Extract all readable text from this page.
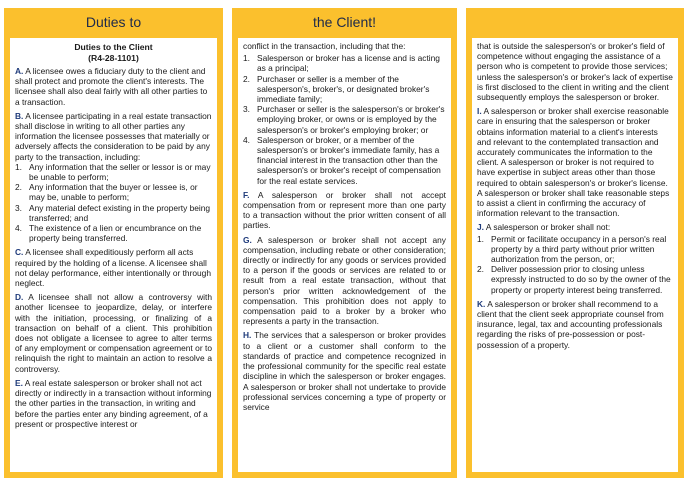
Duties to
Duties to the Client
(R4-28-1101)

A. A licensee owes a fiduciary duty to the client and shall protect and promote the client's interests. The licensee shall also deal fairly with all other parties to a transaction.

B. A licensee participating in a real estate transaction shall disclose in writing to all other parties any information the licensee possesses that materially or adversely affects the consideration to be paid by any party to the transaction, including:

1. Any information that the seller or lessor is or may be unable to perform;
2. Any information that the buyer or lessee is, or may be, unable to perform;
3. Any material defect existing in the property being transferred; and
4. The existence of a lien or encumbrance on the property being transferred.

C. A licensee shall expeditiously perform all acts required by the holding of a license. A licensee shall not delay performance, either intentionally or through neglect.

D. A licensee shall not allow a controversy with another licensee to jeopardize, delay, or interfere with the initiation, processing, or finalizing of a transaction on behalf of a client. This prohibition does not obligate a licensee to agree to alter terms of any employment or compensation agreement or to relinquish the right to maintain an action to resolve a controversy.

E. A real estate salesperson or broker shall not act directly or indirectly in a transaction without informing the other parties in the transaction, in writing and before the parties enter any binding agreement, of a present or prospective interest or

the Client!

conflict in the transaction, including that the:

1. Salesperson or broker has a license and is acting as a principal;
2. Purchaser or seller is a member of the salesperson's, broker's, or designated broker's immediate family;
3. Purchaser or seller is the salesperson's or broker's employing broker, or owns or is employed by the salesperson's or broker's employing broker; or
4. Salesperson or broker, or a member of the salesperson's or broker's immediate family, has a financial interest in the transaction other than the salesperson's or broker's receipt of compensation for the real estate services.

F. A salesperson or broker shall not accept compensation from or represent more than one party to a transaction without the prior written consent of all parties.

G. A salesperson or broker shall not accept any compensation, including rebate or other consideration; directly or indirectly for any goods or services provided to a person if the goods or services are related to or result from a real estate transaction, without that person's prior written acknowledgement of the compensation. This prohibition does not apply to compensation paid to a broker by a broker who represents a party in the transaction.

H. The services that a salesperson or broker provides to a client or a customer shall conform to the standards of practice and competence recognized in the professional community for the specific real estate discipline in which the salesperson or broker engages. A salesperson or broker shall not undertake to provide professional services concerning a type of property or service

that is outside the salesperson's or broker's field of competence without engaging the assistance of a person who is competent to provide those services; unless the salesperson's or broker's lack of expertise is first disclosed to the client in writing and the client subsequently employs the salesperson or broker.

I. A salesperson or broker shall exercise reasonable care in ensuring that the salesperson or broker obtains information material to a client's interests and relevant to the contemplated transaction and accurately communicates the information to the client. A salesperson or broker is not required to have expertise in subject areas other than those required to obtain salesperson's or broker's license. A salesperson or broker shall take reasonable steps to assist a client in confirming the accuracy of information relevant to the transaction.

J. A salesperson or broker shall not:

1. Permit or facilitate occupancy in a person's real property by a third party without prior written authorization from the person, or;
2. Deliver possession prior to closing unless expressly instructed to do so by the owner of the property or property interest being transferred.

K. A salesperson or broker shall recommend to a client that the client seek appropriate counsel from insurance, legal, tax and accounting professionals regarding the risks of pre-possession or post-possession of a property.
